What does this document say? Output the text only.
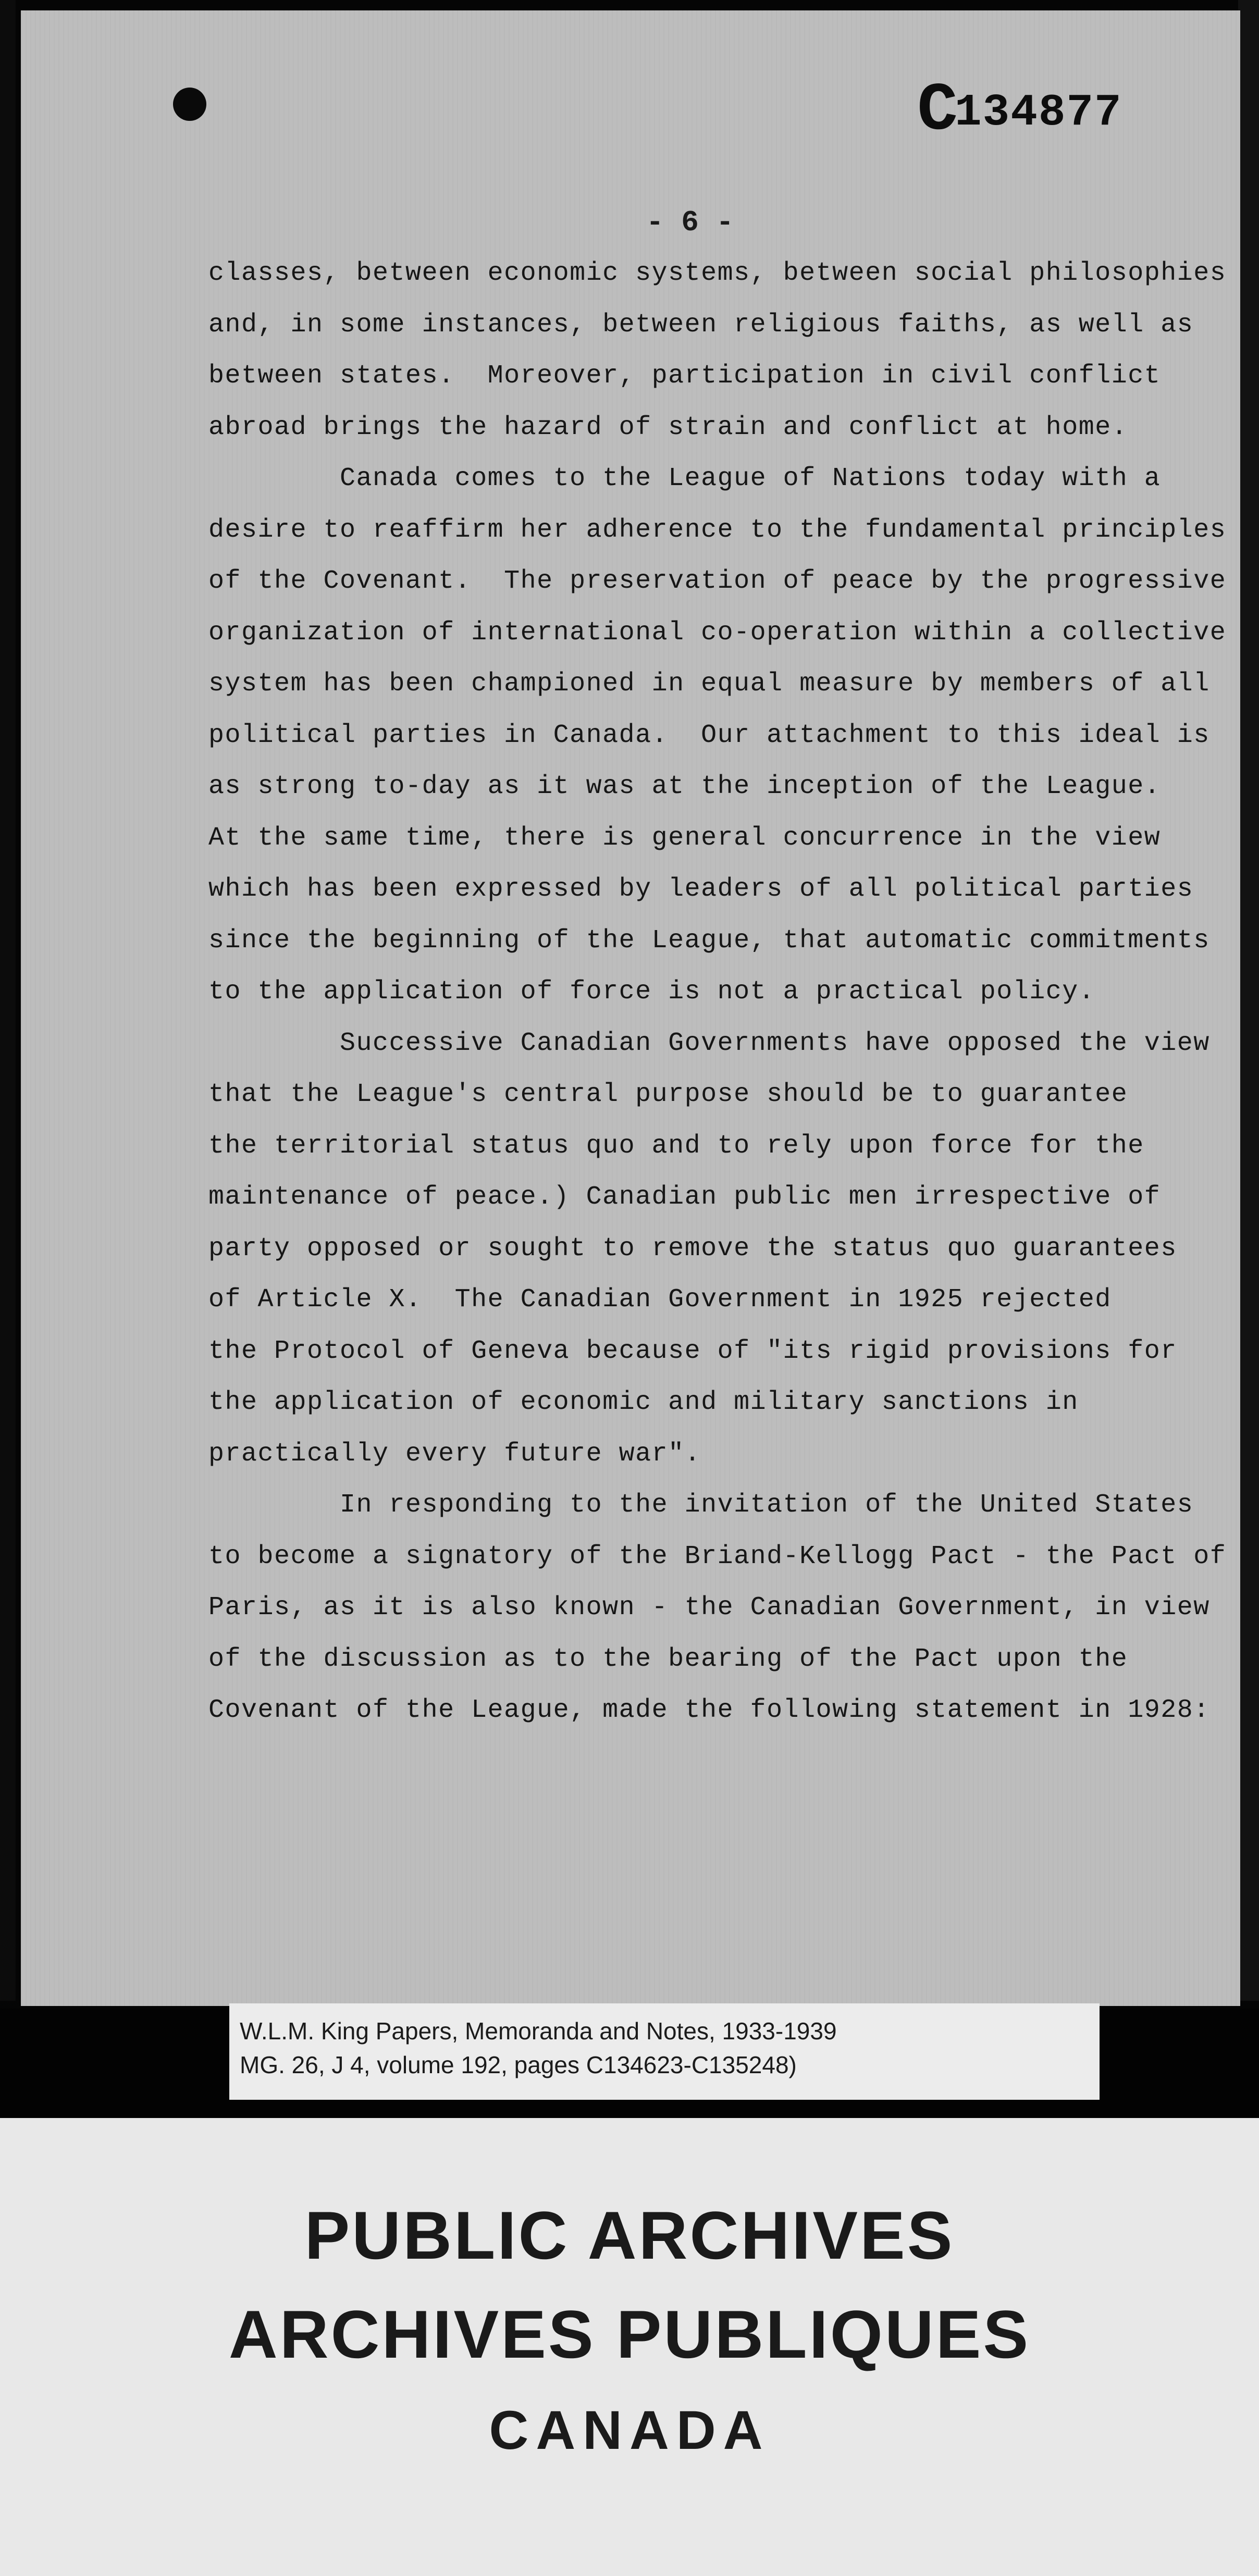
C134877
- 6 -
classes, between economic systems, between social philosophies
and, in some instances, between religious faiths, as well as
between states.  Moreover, participation in civil conflict
abroad brings the hazard of strain and conflict at home.
Canada comes to the League of Nations today with a
desire to reaffirm her adherence to the fundamental principles
of the Covenant.  The preservation of peace by the progressive
organization of international co-operation within a collective
system has been championed in equal measure by members of all
political parties in Canada.  Our attachment to this ideal is
as strong to-day as it was at the inception of the League.
At the same time, there is general concurrence in the view
which has been expressed by leaders of all political parties
since the beginning of the League, that automatic commitments
to the application of force is not a practical policy.
Successive Canadian Governments have opposed the view
that the League's central purpose should be to guarantee
the territorial status quo and to rely upon force for the
maintenance of peace.) Canadian public men irrespective of
party opposed or sought to remove the status quo guarantees
of Article X.  The Canadian Government in 1925 rejected
the Protocol of Geneva because of "its rigid provisions for
the application of economic and military sanctions in
practically every future war".
In responding to the invitation of the United States
to become a signatory of the Briand-Kellogg Pact - the Pact of
Paris, as it is also known - the Canadian Government, in view
of the discussion as to the bearing of the Pact upon the
Covenant of the League, made the following statement in 1928:
W.L.M. King Papers, Memoranda and Notes, 1933-1939
MG. 26, J 4, volume 192, pages C134623-C135248)
PUBLIC ARCHIVES
ARCHIVES PUBLIQUES
CANADA
